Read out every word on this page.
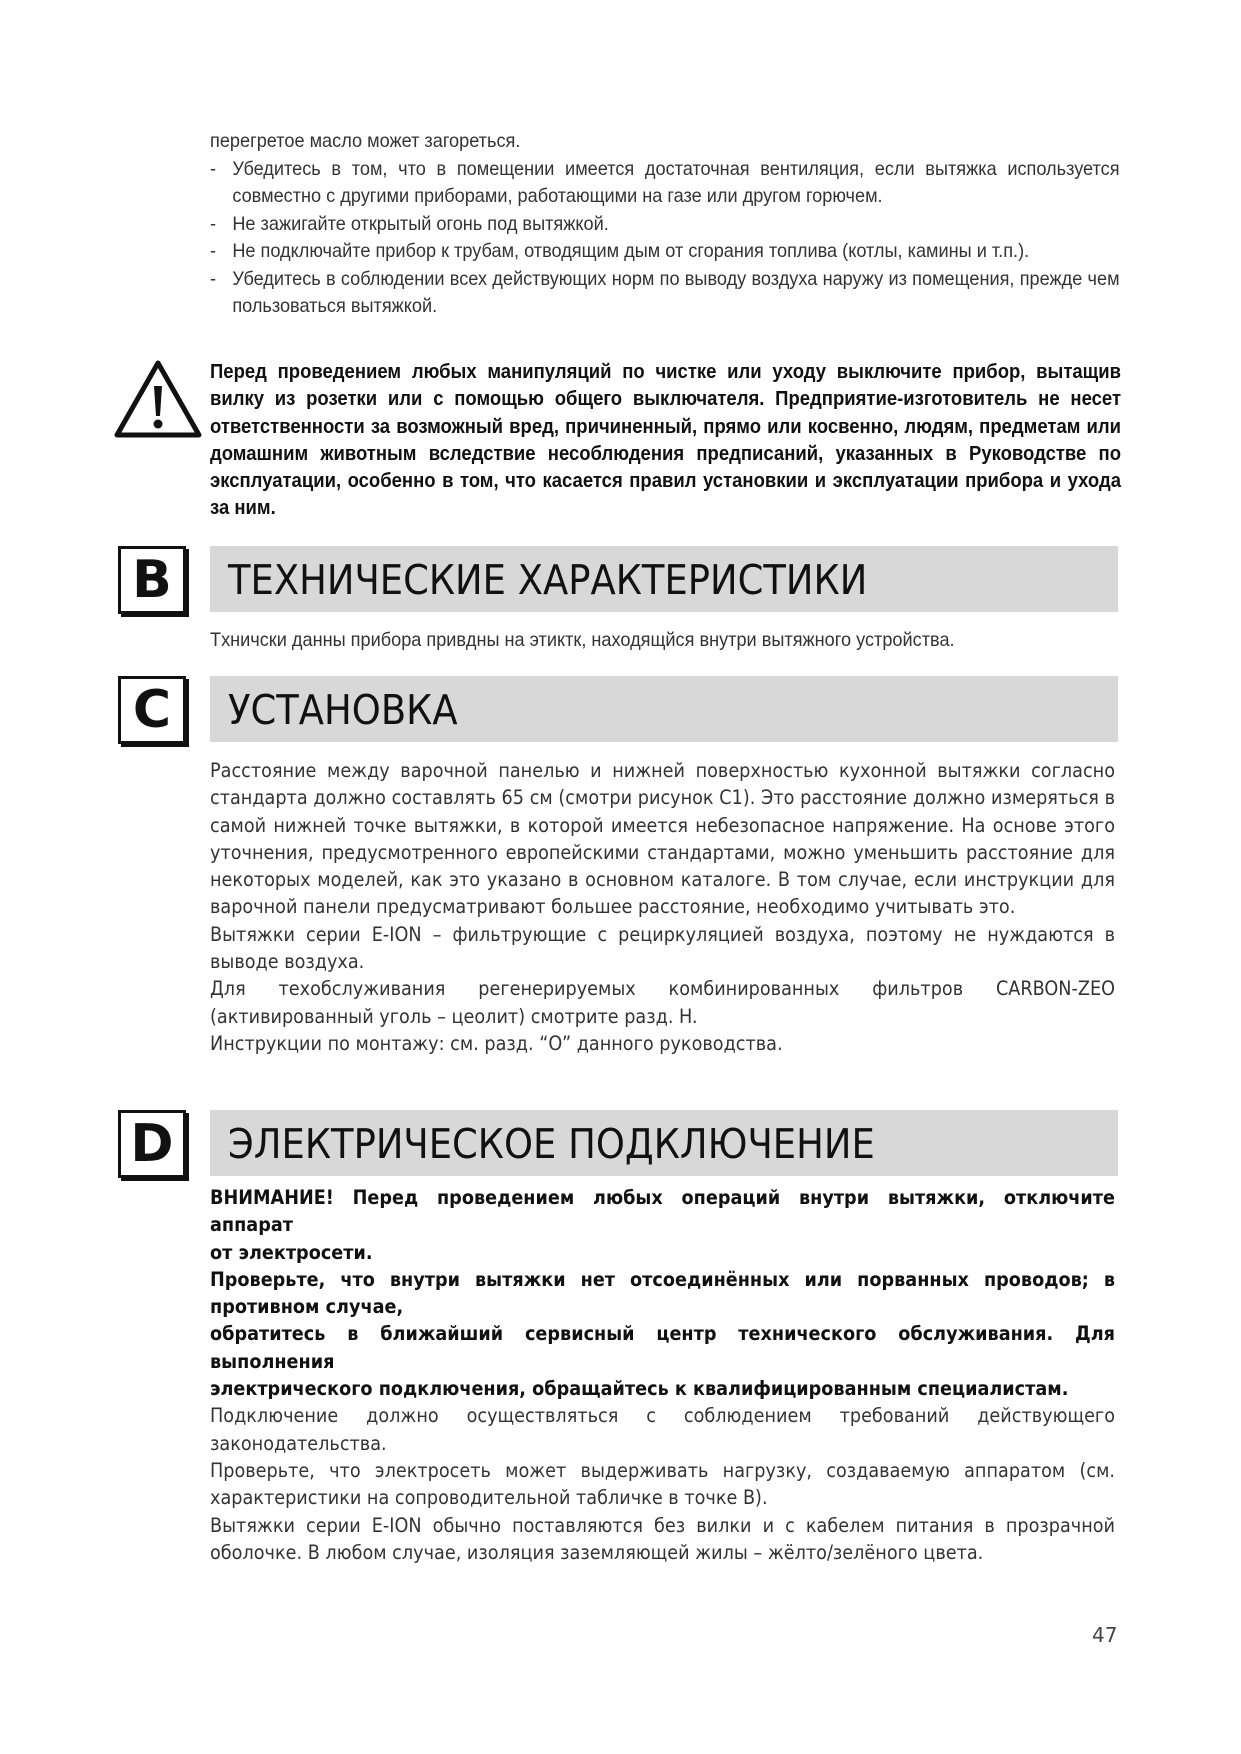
перегретое масло может загореться.

- Убедитесь в том, что в помещении имеется достаточная вентиляция, если вытяжка используется совместно с другими приборами, работающими на газе или другом горючем.
- Не зажигайте открытый огонь под вытяжкой.
- Не подключайте прибор к трубам, отводящим дым от сгорания топлива (котлы, камины и т.п.).
- Убедитесь в соблюдении всех действующих норм по выводу воздуха наружу из помещения, прежде чем пользоваться вытяжкой.
Перед проведением любых манипуляций по чистке или уходу выключите прибор, вытащив вилку из розетки или с помощью общего выключателя. Предприятие-изготовитель не несет ответственности за возможный вред, причиненный, прямо или косвенно, людям, предметам или домашним животным вследствие несоблюдения предписаний, указанных в Руководстве по эксплуатации, особенно в том, что касается правил установкии и эксплуатации прибора и ухода за ним.
B	ТЕХНИЧЕСКИЕ ХАРАКТЕРИСТИКИ
Тxничcки данны прибора привдны на этиктк, находящйся внутри вытяжного устройства.
C	УСТАНОВКА

Расстояние между варочной панелью и нижней поверхностью кухонной вытяжки согласно стандарта должно составлять 65 см (смотри рисунок С1). Это расстояние должно измеряться в самой нижней точке вытяжки, в которой имеется небезопасное напряжение. На основе этого уточнения, предусмотренного европейскими стандартами, можно уменьшить расстояние для некоторых моделей, как это указано в основном каталоге. В том случае, если инструкции для варочной панели предусматривают большее расстояние, необходимо учитывать это.

Вытяжки серии E-ION – фильтрующие с рециркуляцией воздуха, поэтому не нуждаются в выводе воздуха.

Для техобслуживания регенерируемых комбинированных фильтров CARBON-ZEO (активированный уголь – цеолит) смотрите разд. H.

Инструкции по монтажу: см. разд. “O” данного руководства.

D	ЭЛЕКТРИЧЕСКОЕ ПОДКЛЮЧЕНИЕ

ВНИМАНИЕ! Перед проведением любых операций внутри вытяжки, отключите аппарат

от электросети.

Проверьте, что внутри вытяжки нет отсоединённых или порванных проводов; в противном случае,

обратитесь в ближайший сервисный центр технического обслуживания. Для выполнения

электрического подключения, обращайтесь к квалифицированным специалистам.

Подключение должно осуществляться с соблюдением требований действующего законодательства.

Проверьте, что электросеть может выдерживать нагрузку, создаваемую аппаратом (см. характеристики на сопроводительной табличке в точке B).

Вытяжки серии E-ION обычно поставляются без вилки и с кабелем питания в прозрачной оболочке. В любом случае, изоляция заземляющей жилы – жёлто/зелёного цвета.

47
